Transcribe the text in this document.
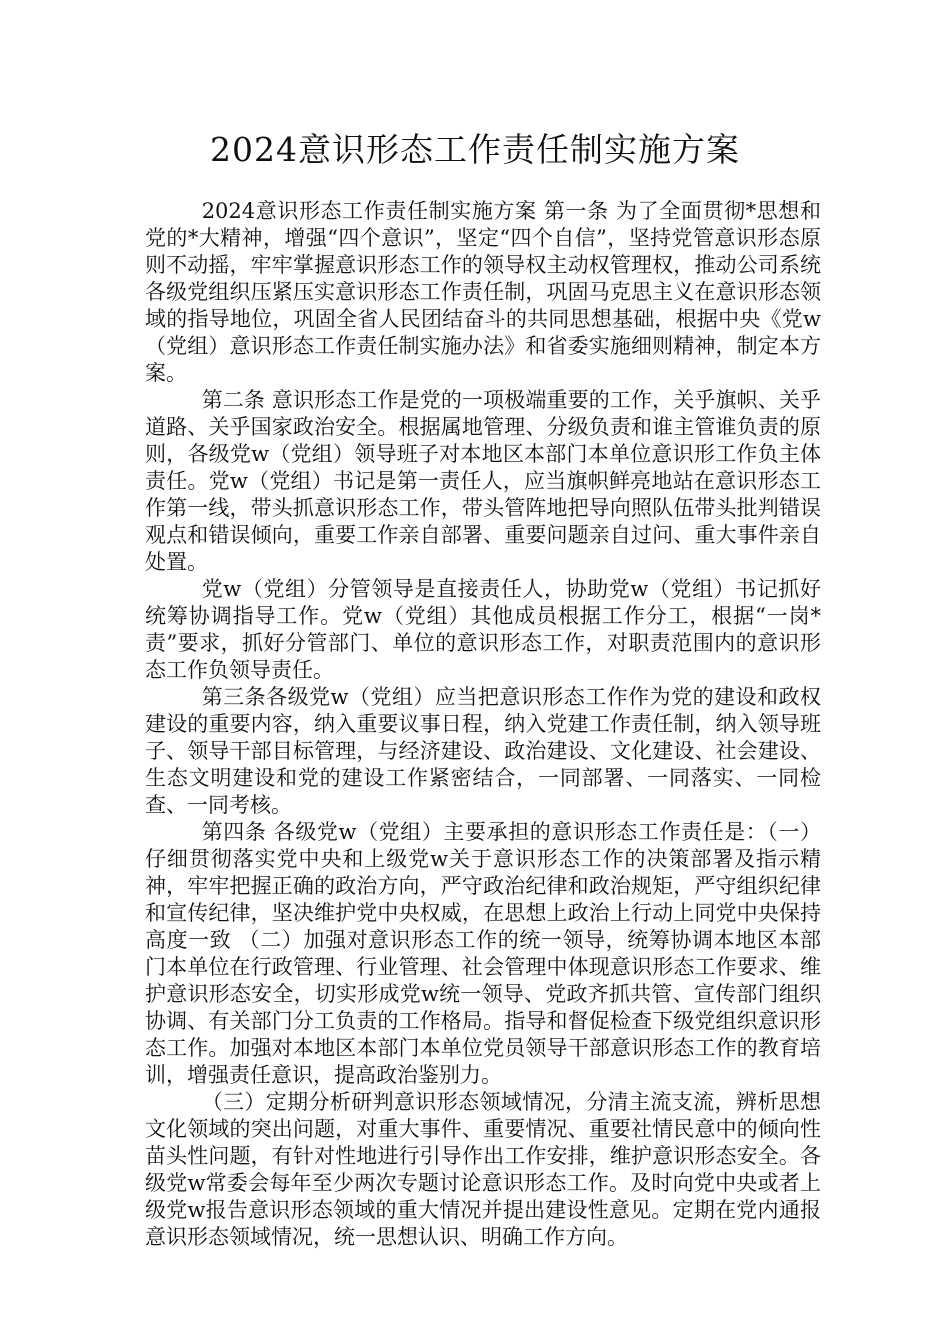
2024意识形态工作责任制实施方案

2024意识形态工作责任制实施方案 第一条 为了全面贯彻*思想和党的*大精神，增强“四个意识”，坚定“四个自信”，坚持党管意识形态原则不动摇，牢牢掌握意识形态工作的领导权主动权管理权，推动公司系统各级党组织压紧压实意识形态工作责任制，巩固马克思主义在意识形态领域的指导地位，巩固全省人民团结奋斗的共同思想基础，根据中央《党w（党组）意识形态工作责任制实施办法》和省委实施细则精神，制定本方案。

第二条 意识形态工作是党的一项极端重要的工作，关乎旗帜、关乎道路、关乎国家政治安全。根据属地管理、分级负责和谁主管谁负责的原则，各级党w（党组）领导班子对本地区本部门本单位意识形工作负主体责任。党w（党组）书记是第一责任人，应当旗帜鲜亮地站在意识形态工作第一线，带头抓意识形态工作，带头管阵地把导向照队伍带头批判错误观点和错误倾向，重要工作亲自部署、重要问题亲自过问、重大事件亲自处置。

党w（党组）分管领导是直接责任人，协助党w（党组）书记抓好统筹协调指导工作。党w（党组）其他成员根据工作分工，根据“一岗*责”要求，抓好分管部门、单位的意识形态工作，对职责范围内的意识形态工作负领导责任。

第三条各级党w（党组）应当把意识形态工作作为党的建设和政权建设的重要内容，纳入重要议事日程，纳入党建工作责任制，纳入领导班子、领导干部目标管理，与经济建设、政治建设、文化建设、社会建设、生态文明建设和党的建设工作紧密结合，一同部署、一同落实、一同检查、一同考核。

第四条 各级党w（党组）主要承担的意识形态工作责任是：（一）仔细贯彻落实党中央和上级党w关于意识形态工作的决策部署及指示精神，牢牢把握正确的政治方向，严守政治纪律和政治规矩，严守组织纪律和宣传纪律，坚决维护党中央权威，在思想上政治上行动上同党中央保持高度一致 （二）加强对意识形态工作的统一领导，统筹协调本地区本部门本单位在行政管理、行业管理、社会管理中体现意识形态工作要求、维护意识形态安全，切实形成党w统一领导、党政齐抓共管、宣传部门组织协调、有关部门分工负责的工作格局。指导和督促检查下级党组织意识形态工作。加强对本地区本部门本单位党员领导干部意识形态工作的教育培训，增强责任意识，提高政治鉴别力。

（三）定期分析研判意识形态领域情况，分清主流支流，辨析思想文化领域的突出问题，对重大事件、重要情况、重要社情民意中的倾向性苗头性问题，有针对性地进行引导作出工作安排，维护意识形态安全。各级党w常委会每年至少两次专题讨论意识形态工作。及时向党中央或者上级党w报告意识形态领域的重大情况并提出建设性意见。定期在党内通报意识形态领域情况，统一思想认识、明确工作方向。
